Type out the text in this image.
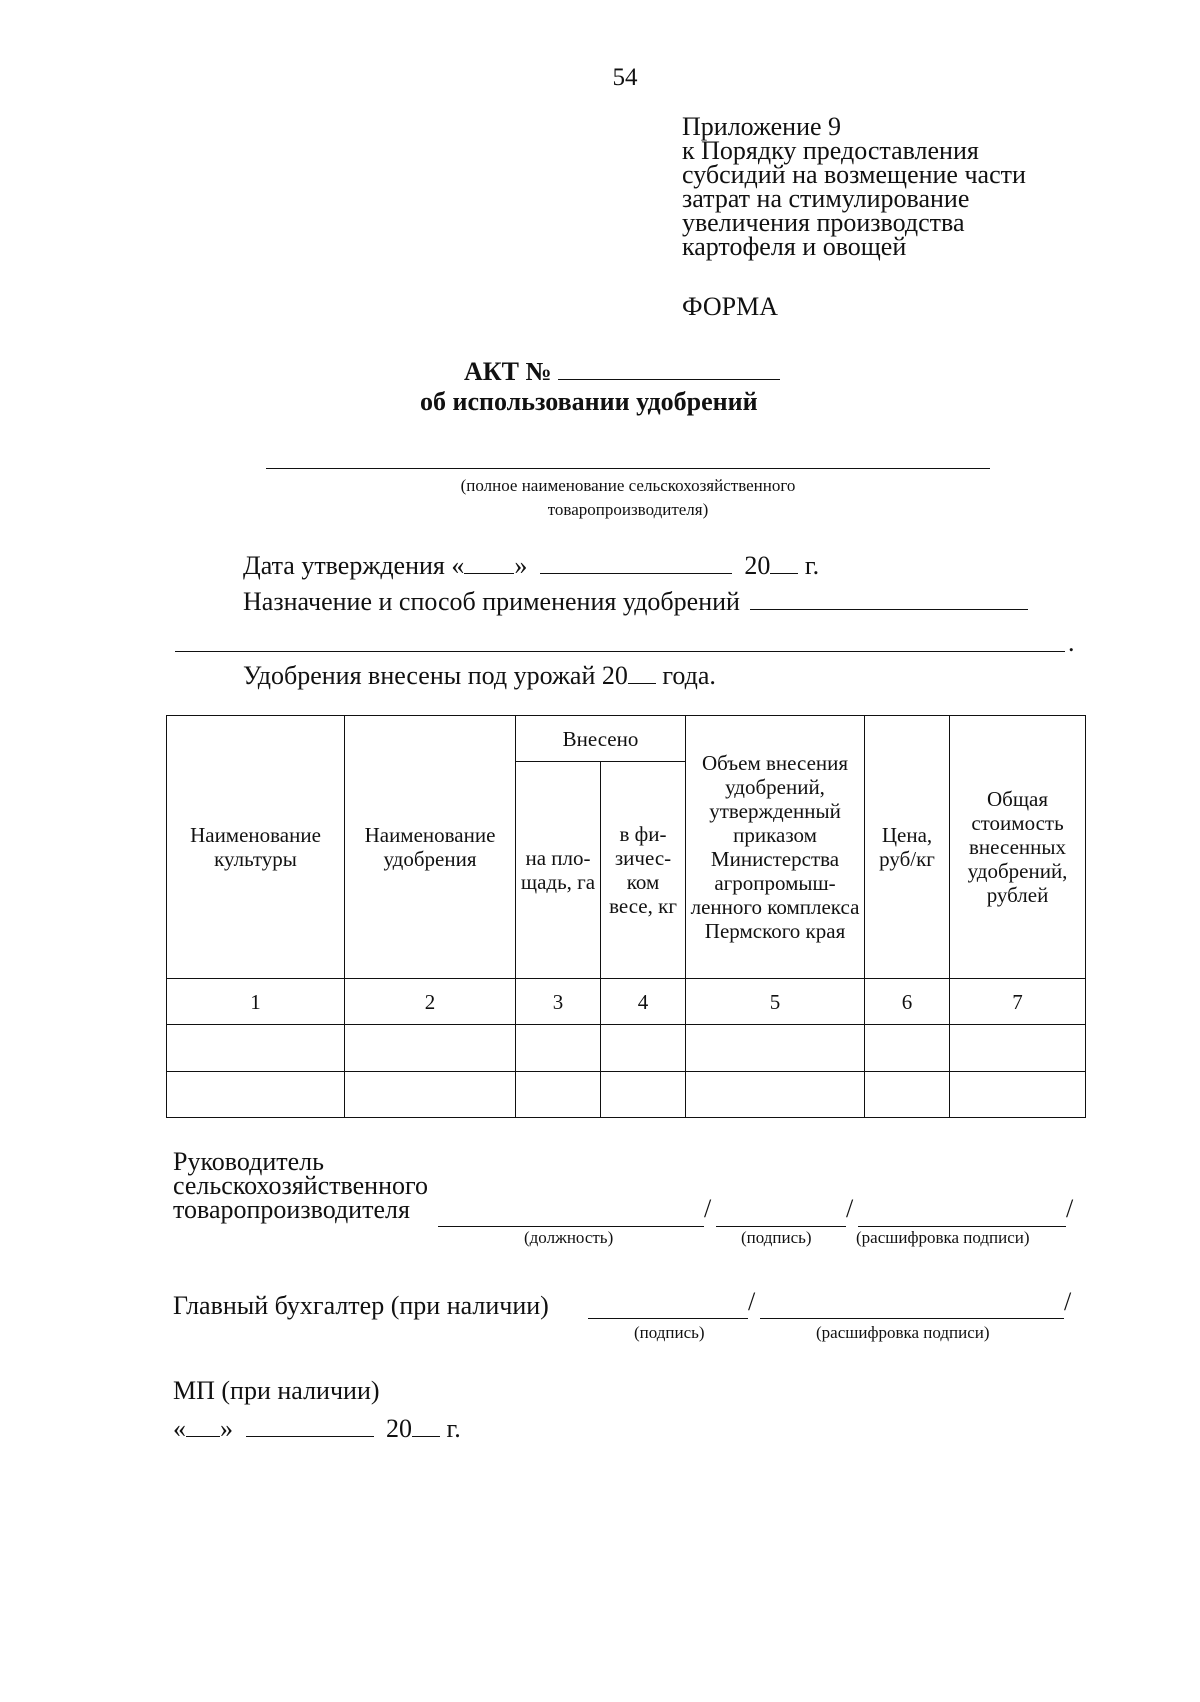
54
Приложение 9
к Порядку предоставления
субсидий на возмещение части
затрат на стимулирование
увеличения производства
картофеля и овощей
ФОРМА
АКТ №
об использовании удобрений
(полное наименование сельскохозяйственного
товаропроизводителя)
Дата утверждения « »	20 г.
Назначение и способ применения удобрений
.
Удобрения внесены под урожай 20 года.
Наименование культуры	Наименование удобрения	Внесено		Объем внесения удобрений, утвержденный приказом Министерства агропромыш-ленного комплекса Пермского края	Цена, руб/кг	Общая стоимость внесенных удобрений, рублей
		на пло-щадь, га	в фи-зичес-ком весе, кг			
1	2	3	4	5	6	7

Руководитель
сельскохозяйственного
товаропроизводителя	/	/	/
(должность)	(подпись)	(расшифровка подписи)
Главный бухгалтер (при наличии)	/	/
(подпись)	(расшифровка подписи)
МП (при наличии)
« »	20 г.
